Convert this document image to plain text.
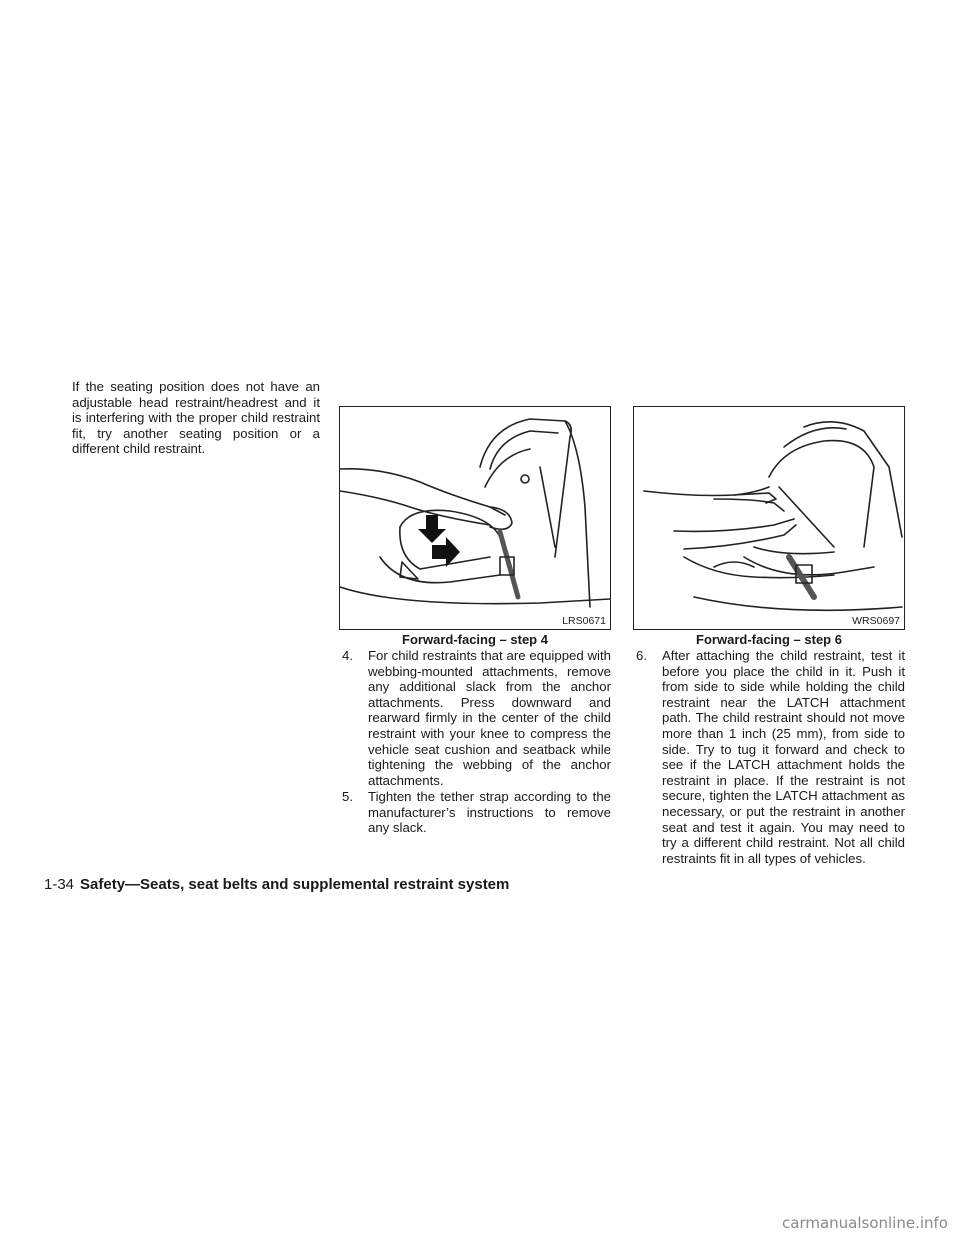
If the seating position does not have an adjustable head restraint/headrest and it is interfering with the proper child restraint fit, try another seating position or a different child restraint.
LRS0671
Forward-facing – step 4
WRS0697
Forward-facing – step 6
4. For child restraints that are equipped with webbing-mounted attachments, remove any additional slack from the anchor attachments. Press downward and rearward firmly in the center of the child restraint with your knee to compress the vehicle seat cushion and seatback while tightening the webbing of the anchor attachments.
5. Tighten the tether strap according to the manufacturer’s instructions to remove any slack.
6. After attaching the child restraint, test it before you place the child in it. Push it from side to side while holding the child restraint near the LATCH attachment path. The child restraint should not move more than 1 inch (25 mm), from side to side. Try to tug it forward and check to see if the LATCH attachment holds the restraint in place. If the restraint is not secure, tighten the LATCH attachment as necessary, or put the restraint in another seat and test it again. You may need to try a different child restraint. Not all child restraints fit in all types of vehicles.
1-34 Safety—Seats, seat belts and supplemental restraint system
carmanualsonline.info
